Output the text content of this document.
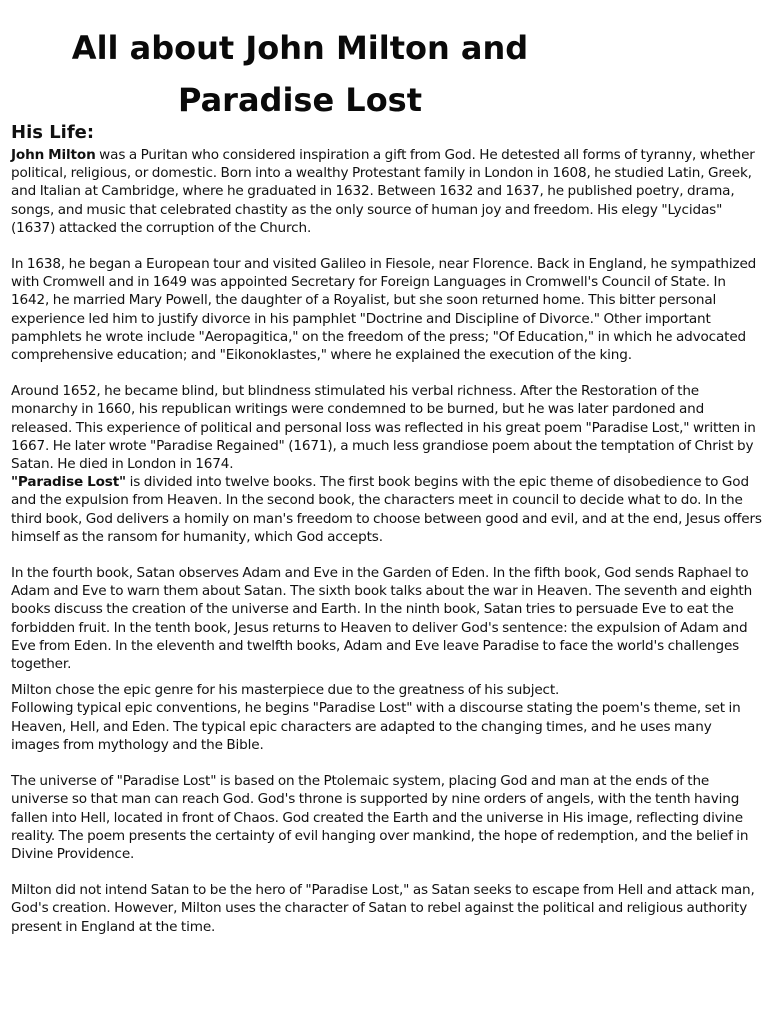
All about John Milton and
Paradise Lost
His Life:

John Milton was a Puritan who considered inspiration a gift from God. He detested all forms of tyranny, whether political, religious, or domestic. Born into a wealthy Protestant family in London in 1608, he studied Latin, Greek, and Italian at Cambridge, where he graduated in 1632. Between 1632 and 1637, he published poetry, drama, songs, and music that celebrated chastity as the only source of human joy and freedom. His elegy "Lycidas" (1637) attacked the corruption of the Church.

In 1638, he began a European tour and visited Galileo in Fiesole, near Florence. Back in England, he sympathized with Cromwell and in 1649 was appointed Secretary for Foreign Languages in Cromwell's Council of State. In 1642, he married Mary Powell, the daughter of a Royalist, but she soon returned home. This bitter personal experience led him to justify divorce in his pamphlet "Doctrine and Discipline of Divorce." Other important pamphlets he wrote include "Aeropagitica," on the freedom of the press; "Of Education," in which he advocated comprehensive education; and "Eikonoklastes," where he explained the execution of the king.

Around 1652, he became blind, but blindness stimulated his verbal richness. After the Restoration of the monarchy in 1660, his republican writings were condemned to be burned, but he was later pardoned and released. This experience of political and personal loss was reflected in his great poem "Paradise Lost," written in 1667. He later wrote "Paradise Regained" (1671), a much less grandiose poem about the temptation of Christ by Satan. He died in London in 1674.

"Paradise Lost" is divided into twelve books. The first book begins with the epic theme of disobedience to God and the expulsion from Heaven. In the second book, the characters meet in council to decide what to do. In the third book, God delivers a homily on man's freedom to choose between good and evil, and at the end, Jesus offers himself as the ransom for humanity, which God accepts.

In the fourth book, Satan observes Adam and Eve in the Garden of Eden. In the fifth book, God sends Raphael to Adam and Eve to warn them about Satan. The sixth book talks about the war in Heaven. The seventh and eighth books discuss the creation of the universe and Earth. In the ninth book, Satan tries to persuade Eve to eat the forbidden fruit. In the tenth book, Jesus returns to Heaven to deliver God's sentence: the expulsion of Adam and Eve from Eden. In the eleventh and twelfth books, Adam and Eve leave Paradise to face the world's challenges together.

Milton chose the epic genre for his masterpiece due to the greatness of his subject.

Following typical epic conventions, he begins "Paradise Lost" with a discourse stating the poem's theme, set in Heaven, Hell, and Eden. The typical epic characters are adapted to the changing times, and he uses many images from mythology and the Bible.

The universe of "Paradise Lost" is based on the Ptolemaic system, placing God and man at the ends of the universe so that man can reach God. God's throne is supported by nine orders of angels, with the tenth having fallen into Hell, located in front of Chaos. God created the Earth and the universe in His image, reflecting divine reality. The poem presents the certainty of evil hanging over mankind, the hope of redemption, and the belief in Divine Providence.

Milton did not intend Satan to be the hero of "Paradise Lost," as Satan seeks to escape from Hell and attack man, God's creation. However, Milton uses the character of Satan to rebel against the political and religious authority present in England at the time.
